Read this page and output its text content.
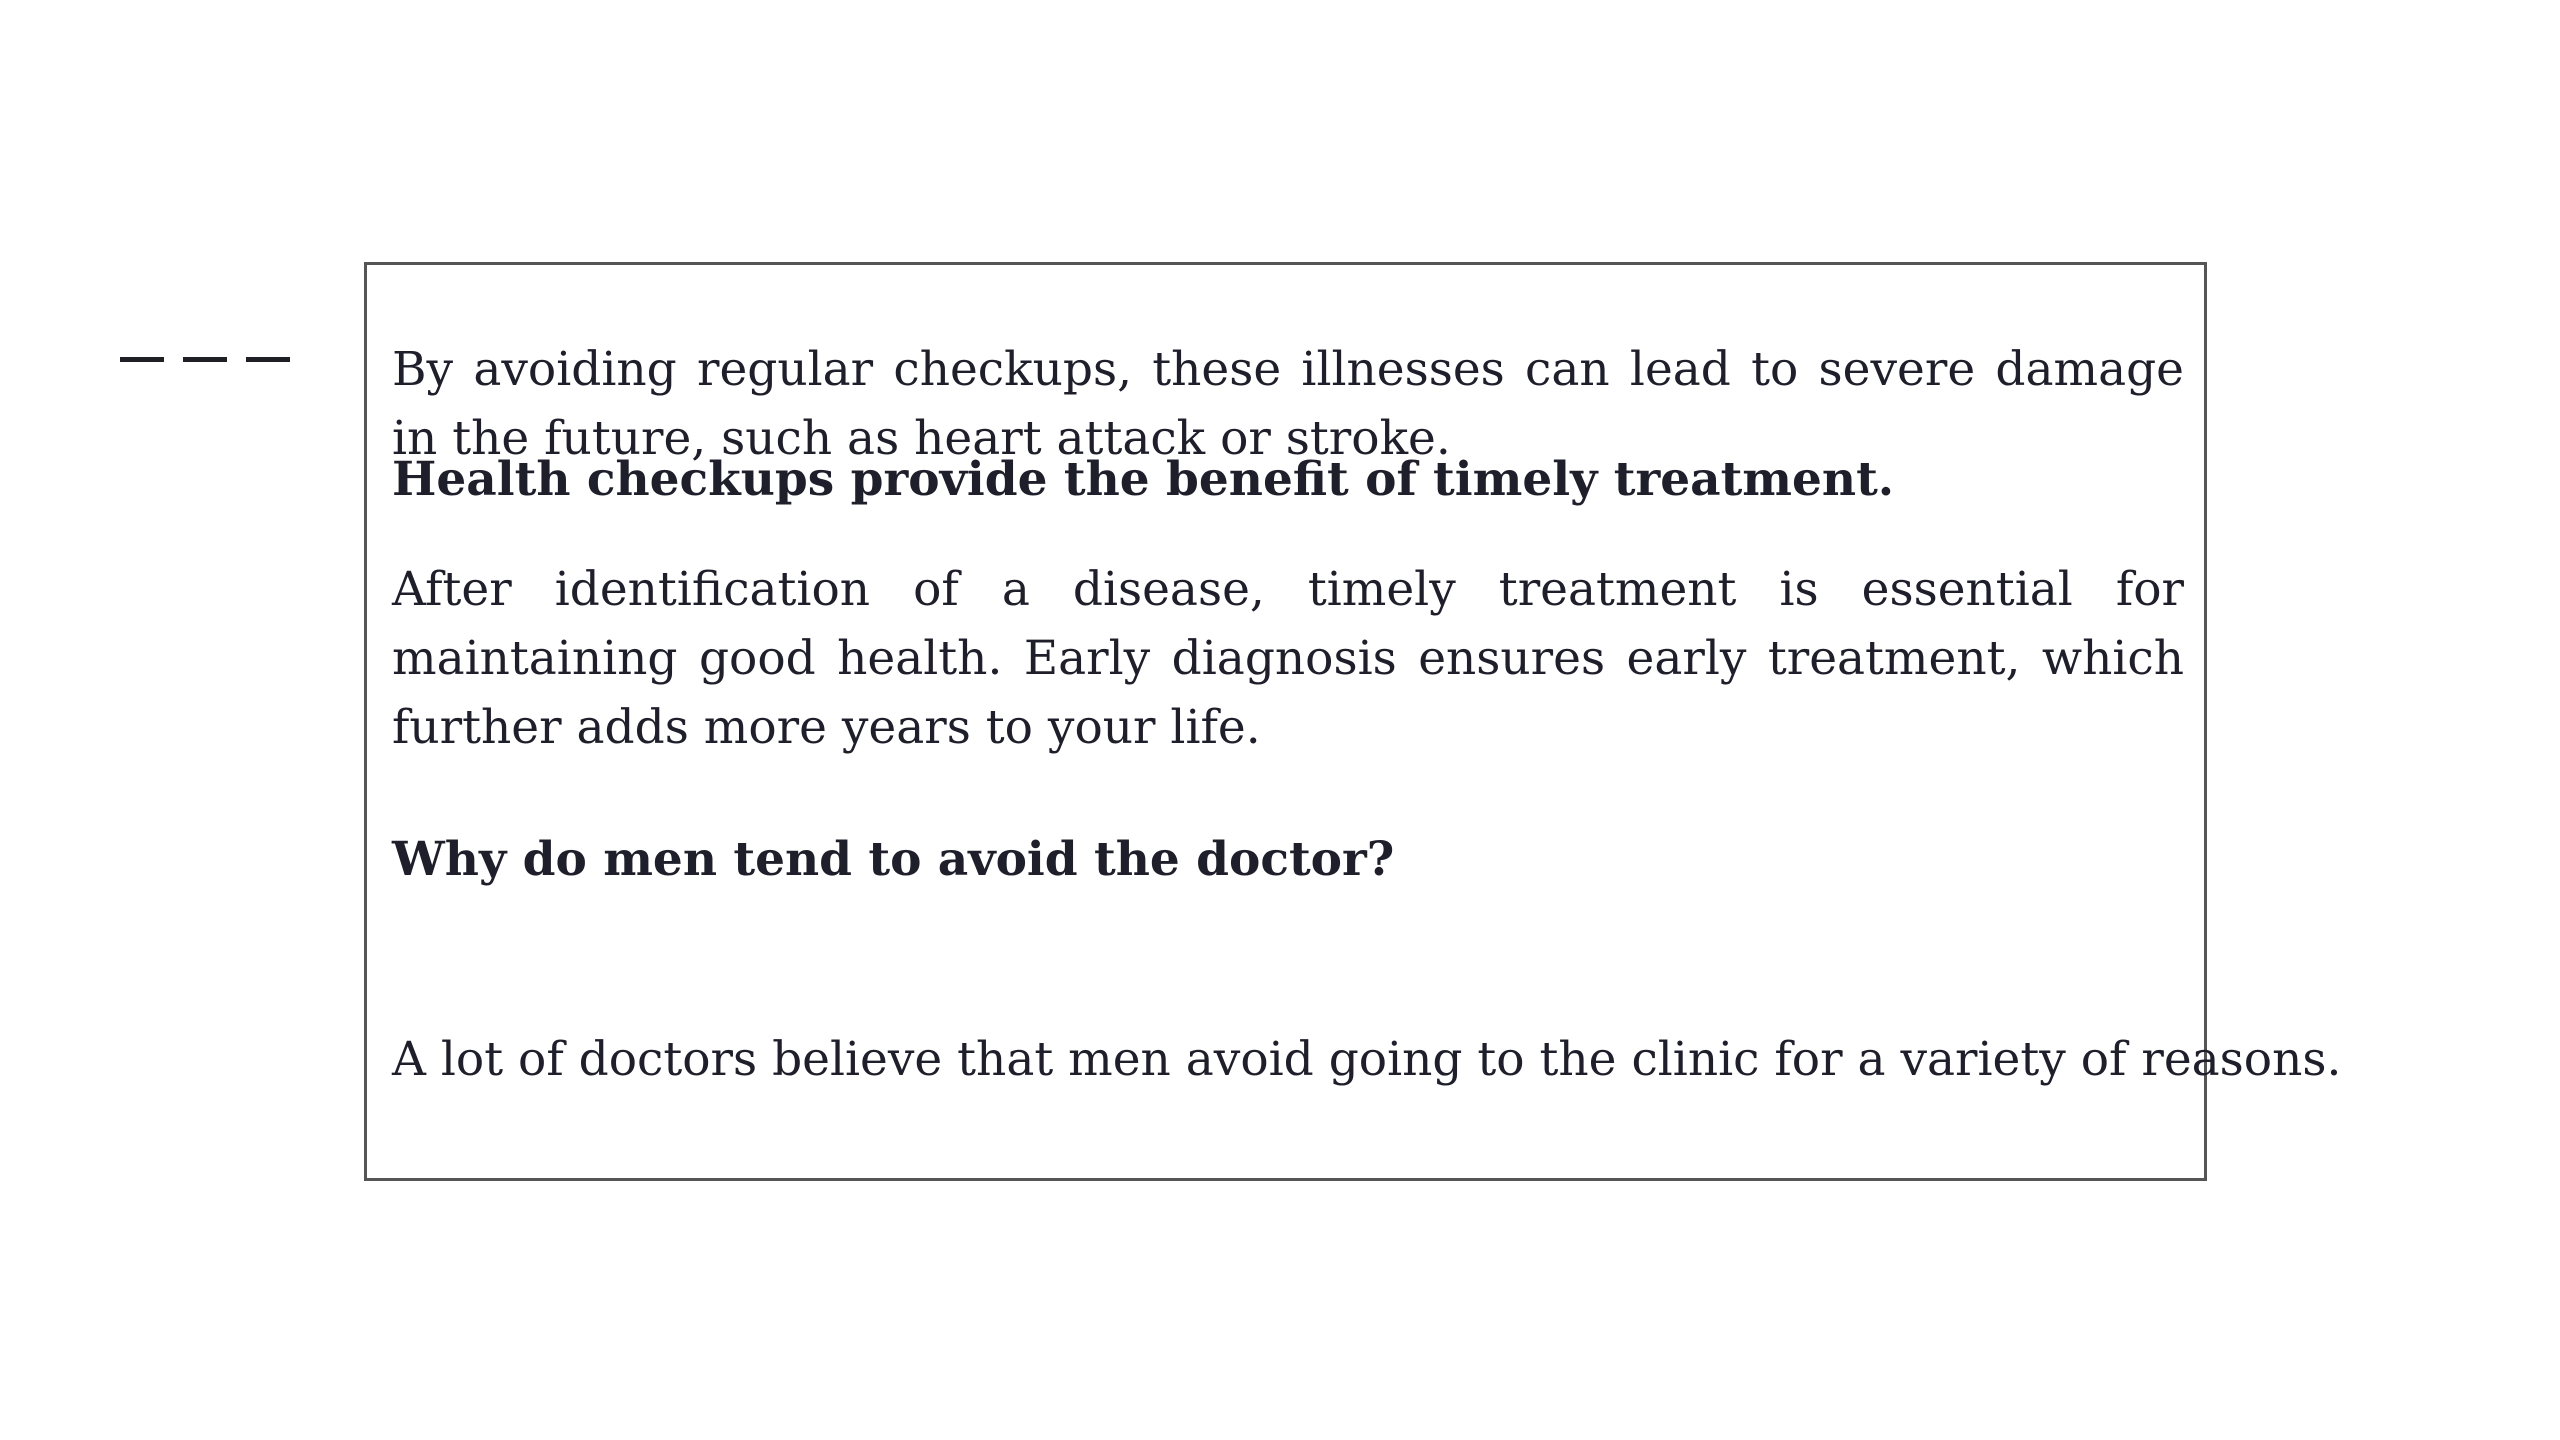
By avoiding regular checkups, these illnesses can lead to severe damage in the future, such as heart attack or stroke.

Health checkups provide the benefit of timely treatment.

After identification of a disease, timely treatment is essential for maintaining good health. Early diagnosis ensures early treatment, which further adds more years to your life.

Why do men tend to avoid the doctor?

A lot of doctors believe that men avoid going to the clinic for a variety of reasons.
